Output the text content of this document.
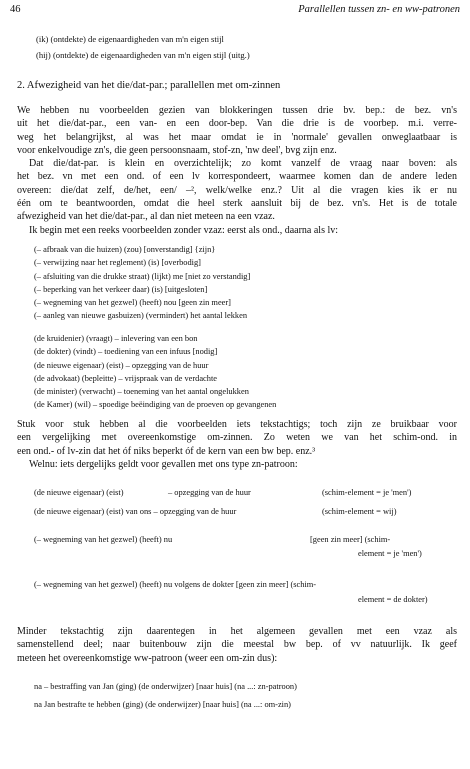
46	Parallellen tussen zn- en ww-patronen
(ik) (ontdekte) de eigenaardigheden van m'n eigen stijl
(hij) (ontdekte) de eigenaardigheden van m'n eigen stijl (uitg.)
2. Afwezigheid van het die/dat-par.; parallellen met om-zinnen
We hebben nu voorbeelden gezien van blokkeringen tussen drie bv. bep.: de bez. vn's
uit het die/dat-par., een van- en een door-bep. Van die drie is de voorbep. m.i. verre-
weg het belangrijkst, al was het maar omdat ie in 'normale' gevallen onweglaatbaar is
voor enkelvoudige zn's, die geen persoonsnaam, stof-zn, 'nw deel', bvg zijn enz.
Dat die/dat-par. is klein en overzichtelijk; zo komt vanzelf de vraag naar boven: als
het bez. vn met een ond. of een lv korrespondeert, waarmee komen dan de andere leden
overeen: die/dat zelf, de/het, een/ –², welk/welke enz.? Uit al die vragen kies ik er nu
één om te beantwoorden, omdat die heel sterk aansluit bij de bez. vn's. Het is de totale
afwezigheid van het die/dat-par., al dan niet meteen na een vzaz.
Ik begin met een reeks voorbeelden zonder vzaz: eerst als ond., daarna als lv:
(– afbraak van die huizen) (zou) [onverstandig] {zijn}
(– verwijzing naar het reglement) (is) [overbodig]
(– afsluiting van die drukke straat) (lijkt) me [niet zo verstandig]
(– beperking van het verkeer daar) (is) [uitgesloten]
(– wegneming van het gezwel) (heeft) nou [geen zin meer]
(– aanleg van nieuwe gasbuizen) (vermindert) het aantal lekken
(de kruidenier) (vraagt) – inlevering van een bon
(de dokter) (vindt) – toediening van een infuus [nodig]
(de nieuwe eigenaar) (eist) – opzegging van de huur
(de advokaat) (bepleitte) – vrijspraak van de verdachte
(de minister) (verwacht) – toeneming van het aantal ongelukken
(de Kamer) (wil) – spoedige beëindiging van de proeven op gevangenen
Stuk voor stuk hebben al die voorbeelden iets tekstachtigs; toch zijn ze bruikbaar voor
een vergelijking met overeenkomstige om-zinnen. Zo weten we van het schim-ond. in
een ond.- of lv-zin dat het óf niks beperkt óf de kern van een bw bep. enz.³
Welnu: iets dergelijks geldt voor gevallen met ons type zn-patroon:
(de nieuwe eigenaar) (eist)	– opzegging van de huur	(schim-element = je 'men')
(de nieuwe eigenaar) (eist) van ons – opzegging van de huur	(schim-element = wij)
(– wegneming van het gezwel) (heeft) nu	[geen zin meer] (schim-
element = je 'men')
(– wegneming van het gezwel) (heeft) nu volgens de dokter [geen zin meer] (schim-
element = de dokter)
Minder tekstachtig zijn daarentegen in het algemeen gevallen met een vzaz als
samenstellend deel; naar buitenbouw zijn die meestal bw bep. of vv natuurlijk. Ik geef
meteen het overeenkomstige ww-patroon (weer een om-zin dus):
na – bestraffing van Jan (ging) (de onderwijzer) [naar huis] (na ...: zn-patroon)
na Jan bestrafte te hebben (ging) (de onderwijzer) [naar huis] (na ...: om-zin)
